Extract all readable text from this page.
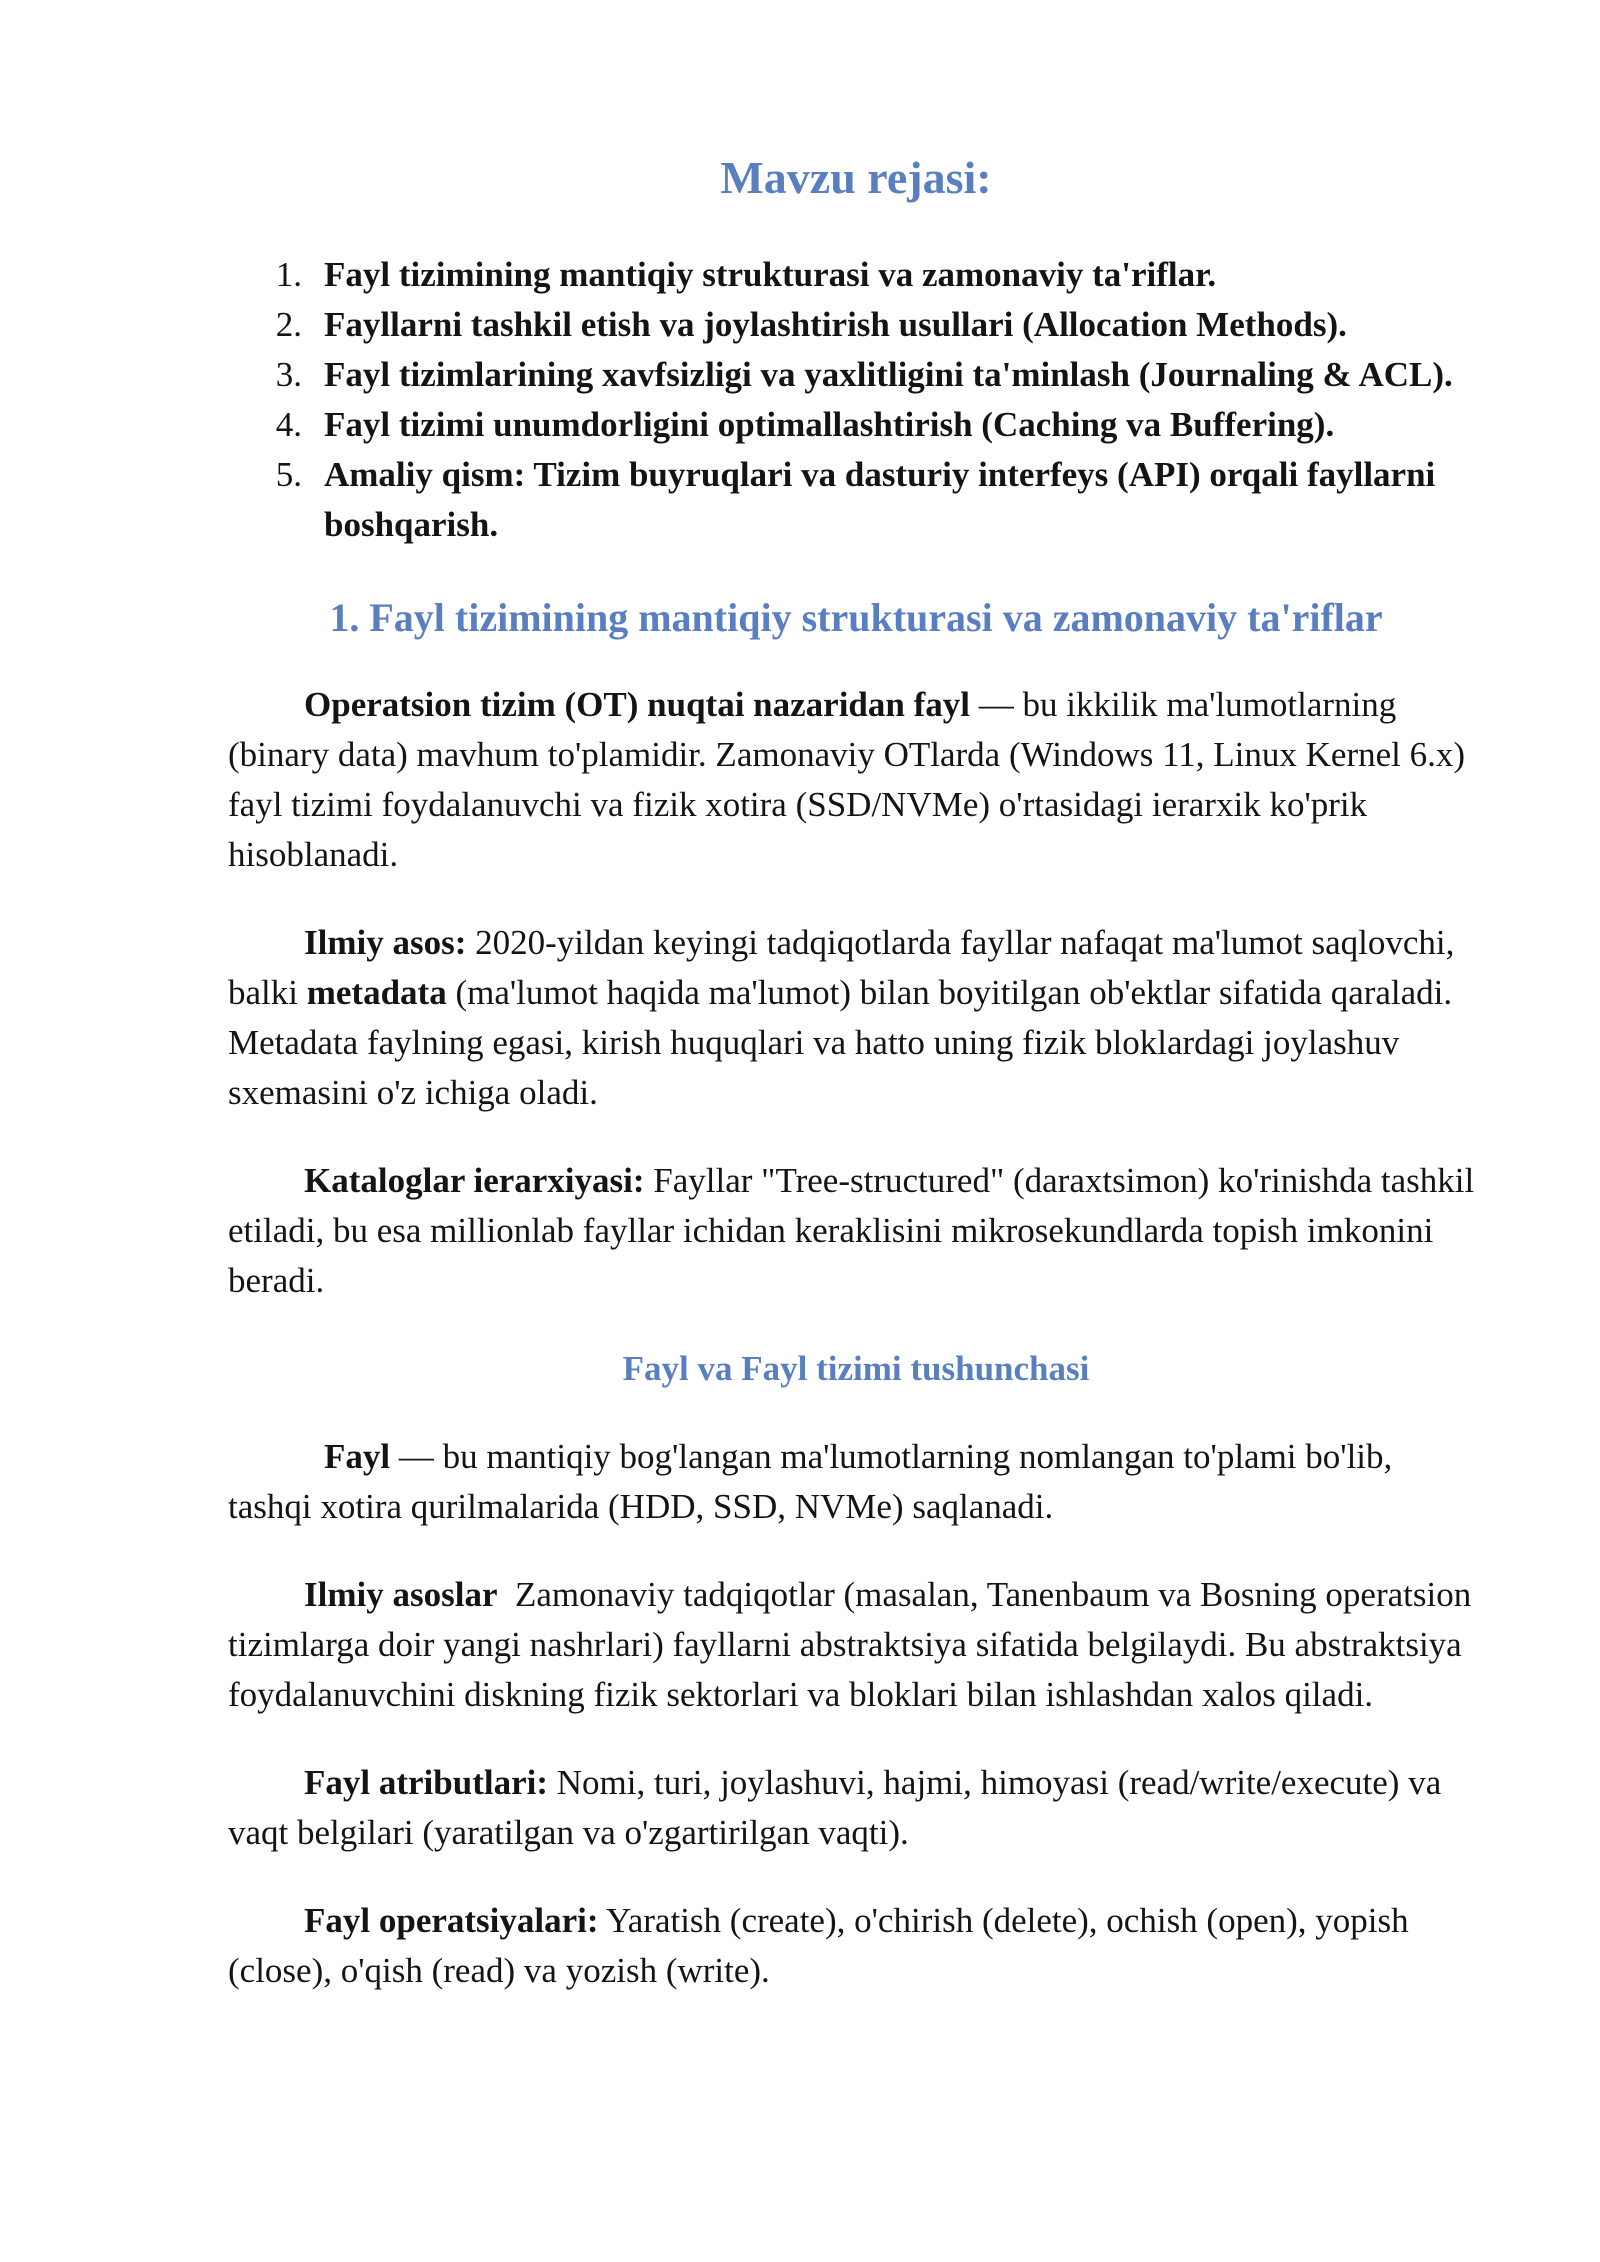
Mavzu rejasi:
1. Fayl tizimining mantiqiy strukturasi va zamonaviy ta'riflar.
2. Fayllarni tashkil etish va joylashtirish usullari (Allocation Methods).
3. Fayl tizimlarining xavfsizligi va yaxlitligini ta'minlash (Journaling & ACL).
4. Fayl tizimi unumdorligini optimallashtirish (Caching va Buffering).
5. Amaliy qism: Tizim buyruqlari va dasturiy interfeys (API) orqali fayllarni boshqarish.
1. Fayl tizimining mantiqiy strukturasi va zamonaviy ta'riflar

Operatsion tizim (OT) nuqtai nazaridan fayl — bu ikkilik ma'lumotlarning (binary data) mavhum to'plamidir. Zamonaviy OTlarda (Windows 11, Linux Kernel 6.x) fayl tizimi foydalanuvchi va fizik xotira (SSD/NVMe) o'rtasidagi ierarxik ko'prik hisoblanadi.

Ilmiy asos: 2020-yildan keyingi tadqiqotlarda fayllar nafaqat ma'lumot saqlovchi, balki metadata (ma'lumot haqida ma'lumot) bilan boyitilgan ob'ektlar sifatida qaraladi. Metadata faylning egasi, kirish huquqlari va hatto uning fizik bloklardagi joylashuv sxemasini o'z ichiga oladi.

Kataloglar ierarxiyasi: Fayllar "Tree-structured" (daraxtsimon) ko'rinishda tashkil etiladi, bu esa millionlab fayllar ichidan keraklisini mikrosekundlarda topish imkonini beradi.

Fayl va Fayl tizimi tushunchasi

Fayl — bu mantiqiy bog'langan ma'lumotlarning nomlangan to'plami bo'lib, tashqi xotira qurilmalarida (HDD, SSD, NVMe) saqlanadi.

Ilmiy asoslar  Zamonaviy tadqiqotlar (masalan, Tanenbaum va Bosning operatsion tizimlarga doir yangi nashrlari) fayllarni abstraktsiya sifatida belgilaydi. Bu abstraktsiya foydalanuvchini diskning fizik sektorlari va bloklari bilan ishlashdan xalos qiladi.

Fayl atributlari: Nomi, turi, joylashuvi, hajmi, himoyasi (read/write/execute) va vaqt belgilari (yaratilgan va o'zgartirilgan vaqti).

Fayl operatsiyalari: Yaratish (create), o'chirish (delete), ochish (open), yopish (close), o'qish (read) va yozish (write).
